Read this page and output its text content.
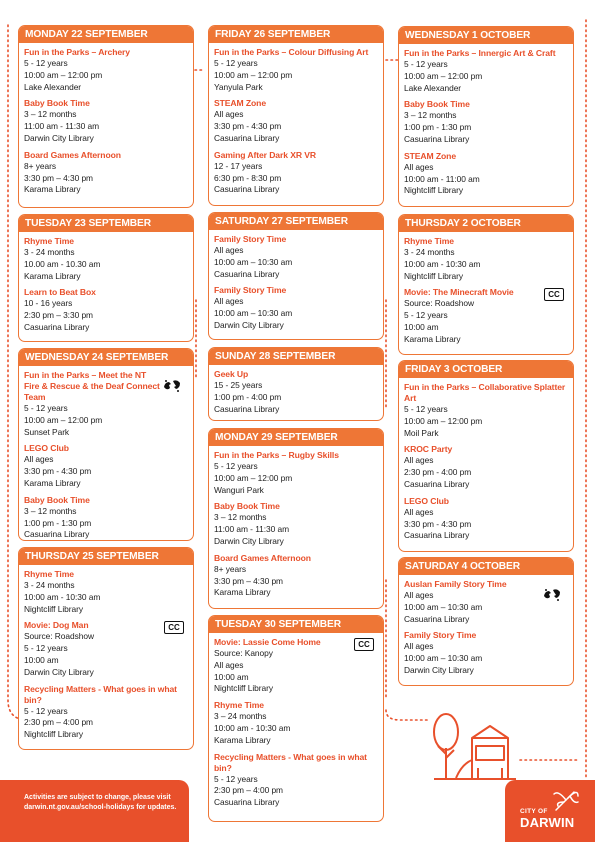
MONDAY 22 SEPTEMBER
Fun in the Parks – Archery
5 - 12 years
10:00 am – 12:00 pm
Lake Alexander
Baby Book Time
3 – 12 months
11:00 am - 11:30 am
Darwin City Library
Board Games Afternoon
8+ years
3:30 pm – 4:30 pm
Karama Library
TUESDAY 23 SEPTEMBER
Rhyme Time
3 - 24 months
10.00 am - 10.30 am
Karama Library
Learn to Beat Box
10 - 16 years
2:30 pm – 3:30 pm
Casuarina Library
WEDNESDAY 24 SEPTEMBER
Fun in the Parks – Meet the NT Fire & Rescue & the Deaf Connect Team
5 - 12 years
10:00 am – 12:00 pm
Sunset Park
LEGO Club
All ages
3:30 pm - 4:30 pm
Karama Library
Baby Book Time
3 – 12 months
1:00 pm - 1:30 pm
Casuarina Library
THURSDAY 25 SEPTEMBER
Rhyme Time
3 - 24 months
10:00 am - 10:30 am
Nightcliff Library
Movie: Dog Man
Source: Roadshow
5 - 12 years
10:00 am
Darwin City Library
CC
Recycling Matters - What goes in what bin?
5 - 12 years
2:30 pm – 4:00 pm
Nightcliff Library
FRIDAY 26 SEPTEMBER
Fun in the Parks – Colour Diffusing Art
5 - 12 years
10:00 am – 12:00 pm
Yanyula Park
STEAM Zone
All ages
3:30 pm - 4:30 pm
Casuarina Library
Gaming After Dark XR VR
12 - 17 years
6:30 pm - 8:30 pm
Casuarina Library
SATURDAY 27 SEPTEMBER
Family Story Time
All ages
10:00 am – 10:30 am
Casuarina Library
Family Story Time
All ages
10:00 am – 10:30 am
Darwin City Library
SUNDAY 28 SEPTEMBER
Geek Up
15 - 25 years
1:00 pm - 4:00 pm
Casuarina Library
MONDAY 29 SEPTEMBER
Fun in the Parks – Rugby Skills
5 - 12 years
10:00 am – 12:00 pm
Wanguri Park
Baby Book Time
3 – 12 months
11:00 am - 11:30 am
Darwin City Library
Board Games Afternoon
8+ years
3:30 pm – 4:30 pm
Karama Library
TUESDAY 30 SEPTEMBER
Movie: Lassie Come Home
Source: Kanopy
All ages
10:00 am
Nightcliff Library
CC
Rhyme Time
3 – 24 months
10:00 am - 10:30 am
Karama Library
Recycling Matters - What goes in what bin?
5 - 12 years
2:30 pm – 4:00 pm
Casuarina Library
WEDNESDAY 1 OCTOBER
Fun in the Parks – Innergic Art & Craft
5 - 12 years
10:00 am – 12:00 pm
Lake Alexander
Baby Book Time
3 – 12 months
1:00 pm - 1:30 pm
Casuarina Library
STEAM Zone
All ages
10:00 am - 11:00 am
Nightcliff Library
THURSDAY 2 OCTOBER
Rhyme Time
3 - 24 months
10:00 am - 10:30 am
Nightcliff Library
Movie: The Minecraft Movie
Source: Roadshow
5 - 12 years
10:00 am
Karama Library
CC
FRIDAY 3 OCTOBER
Fun in the Parks – Collaborative Splatter Art
5 - 12 years
10:00 am – 12:00 pm
Moil Park
KROC Party
All ages
2:30 pm - 4:00 pm
Casuarina Library
LEGO Club
All ages
3:30 pm - 4:30 pm
Casuarina Library
SATURDAY 4 OCTOBER
Auslan Family Story Time
All ages
10:00 am – 10:30 am
Casuarina Library
Family Story Time
All ages
10:00 am – 10:30 am
Darwin City Library
Activities are subject to change, please visit darwin.nt.gov.au/school-holidays for updates.
CITY OF
DARWIN
